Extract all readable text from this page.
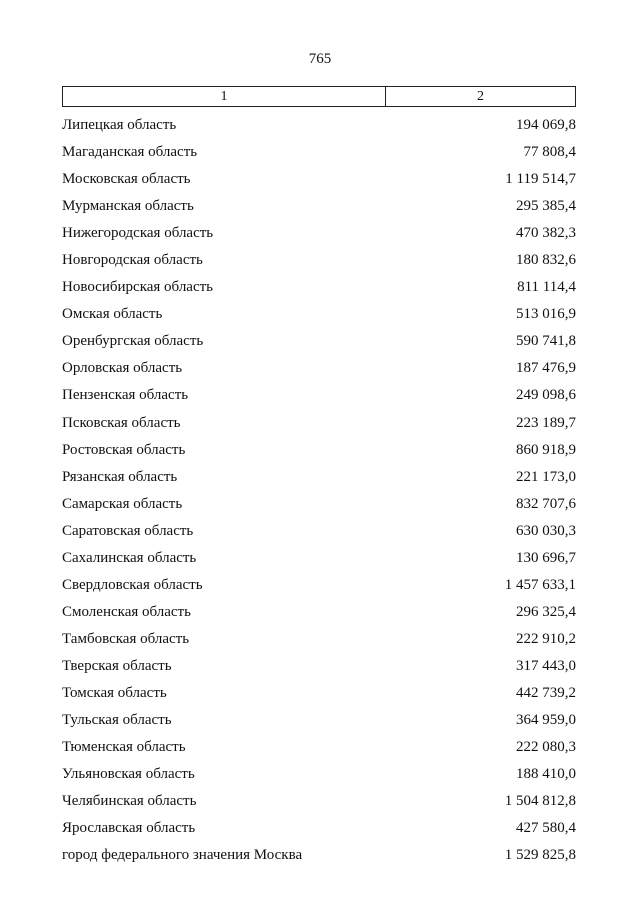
765
1	2
Липецкая область	194 069,8
Магаданская область	77 808,4
Московская область	1 119 514,7
Мурманская область	295 385,4
Нижегородская область	470 382,3
Новгородская область	180 832,6
Новосибирская область	811 114,4
Омская область	513 016,9
Оренбургская область	590 741,8
Орловская область	187 476,9
Пензенская область	249 098,6
Псковская область	223 189,7
Ростовская область	860 918,9
Рязанская область	221 173,0
Самарская область	832 707,6
Саратовская область	630 030,3
Сахалинская область	130 696,7
Свердловская область	1 457 633,1
Смоленская область	296 325,4
Тамбовская область	222 910,2
Тверская область	317 443,0
Томская область	442 739,2
Тульская область	364 959,0
Тюменская область	222 080,3
Ульяновская область	188 410,0
Челябинская область	1 504 812,8
Ярославская область	427 580,4
город федерального значения Москва	1 529 825,8
